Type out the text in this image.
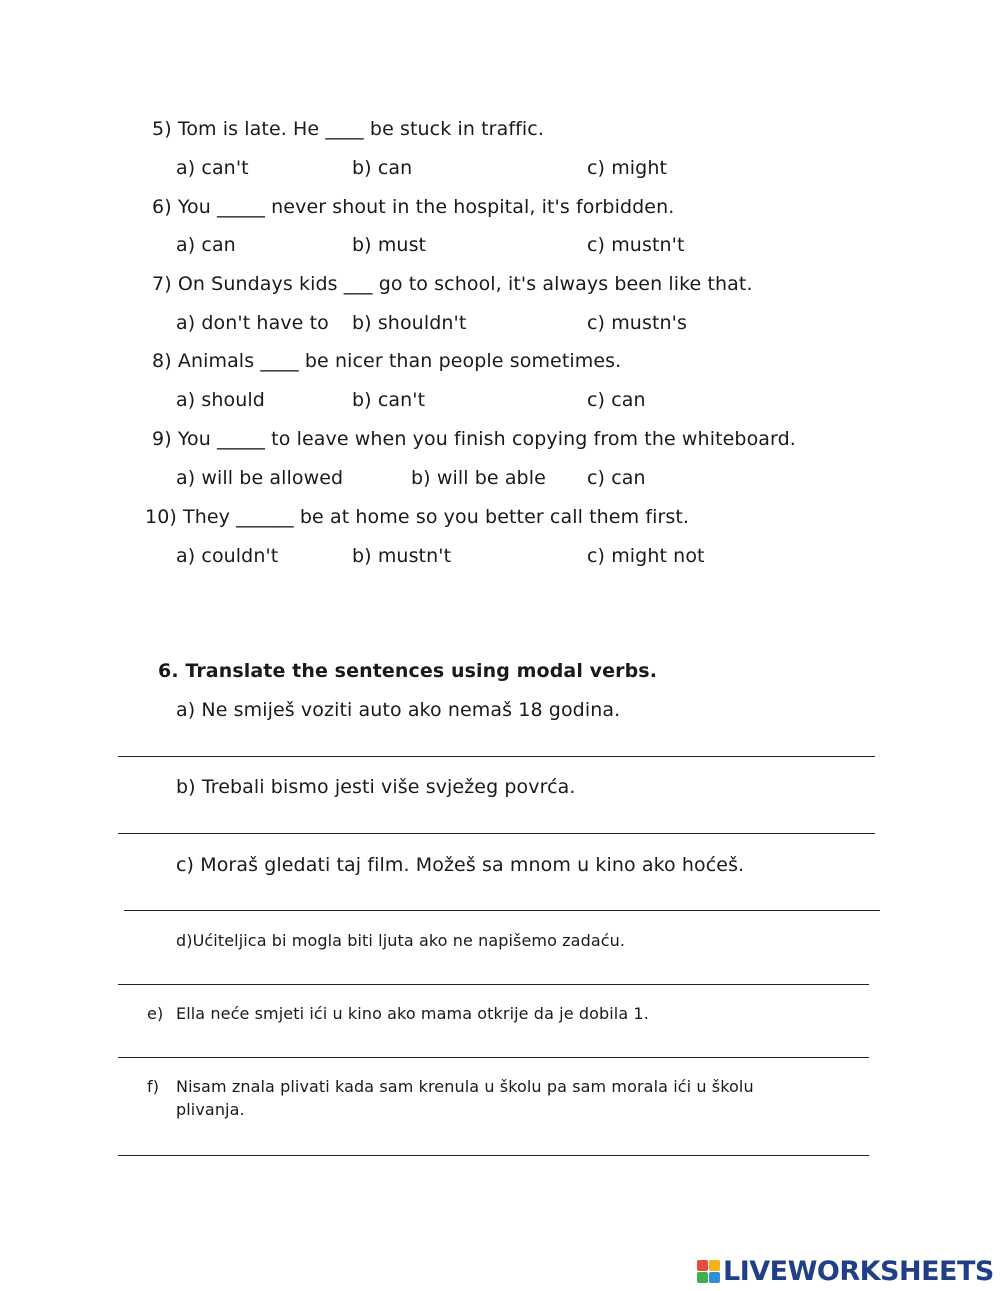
5) Tom is late. He ____ be stuck in traffic.
a) can't	b) can	c) might
6) You _____ never shout in the hospital, it's forbidden.
a) can	b) must	c) mustn't
7) On Sundays kids ___ go to school, it's always been like that.
a) don't have to b) shouldn't	c) mustn's
8) Animals ____ be nicer than people sometimes.
a) should	b) can't	c) can
9) You _____ to leave when you finish copying from the whiteboard.
a) will be allowed	b) will be able c) can
10) They ______ be at home so you better call them first.
a) couldn't	b) mustn't	c) might not
6. Translate the sentences using modal verbs.
a) Ne smiješ voziti auto ako nemaš 18 godina.
b) Trebali bismo jesti više svježeg povrća.
c) Moraš gledati taj film. Možeš sa mnom u kino ako hoćeš.
d)Ućiteljica bi mogla biti ljuta ako ne napišemo zadaću.
e) Ella neće smjeti ići u kino ako mama otkrije da je dobila 1.
f) Nisam znala plivati kada sam krenula u školu pa sam morala ići u školu
plivanja.
LIVEWORKSHEETS
